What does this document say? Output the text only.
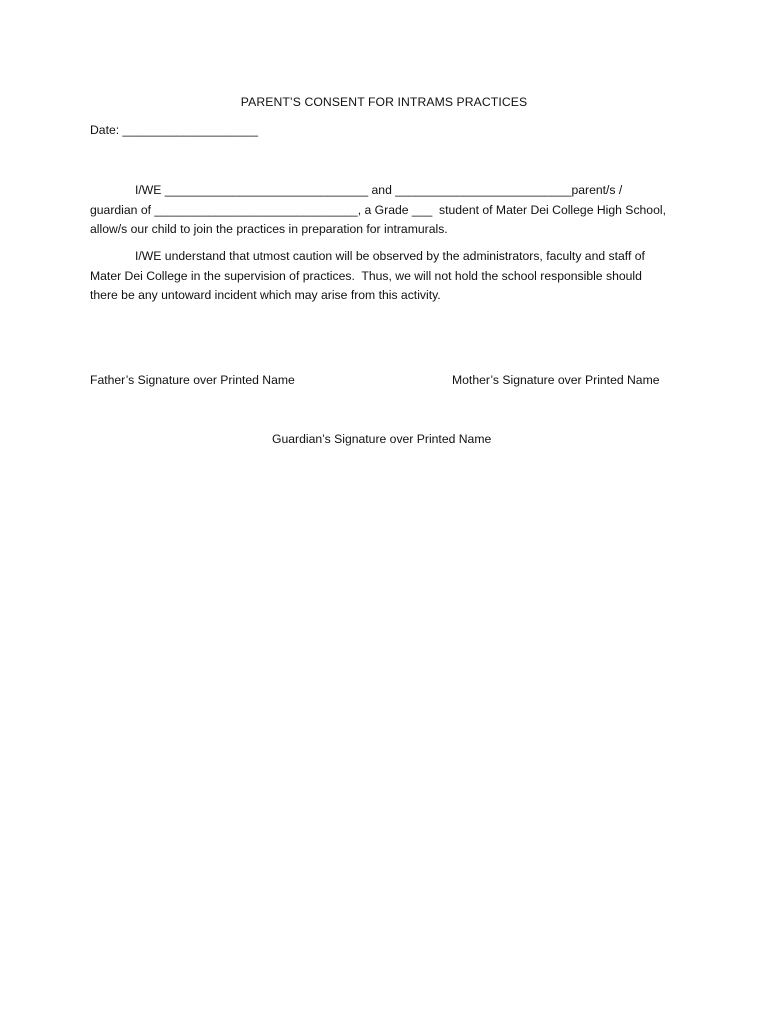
PARENT’S CONSENT FOR INTRAMS PRACTICES
Date: ____________________
I/WE ______________________________ and __________________________parent/s /
guardian of ______________________________, a Grade ___  student of Mater Dei College High School,
allow/s our child to join the practices in preparation for intramurals.
I/WE understand that utmost caution will be observed by the administrators, faculty and staff of
Mater Dei College in the supervision of practices.  Thus, we will not hold the school responsible should
there be any untoward incident which may arise from this activity.
Father’s Signature over Printed Name	Mother’s Signature over Printed Name
Guardian’s Signature over Printed Name
